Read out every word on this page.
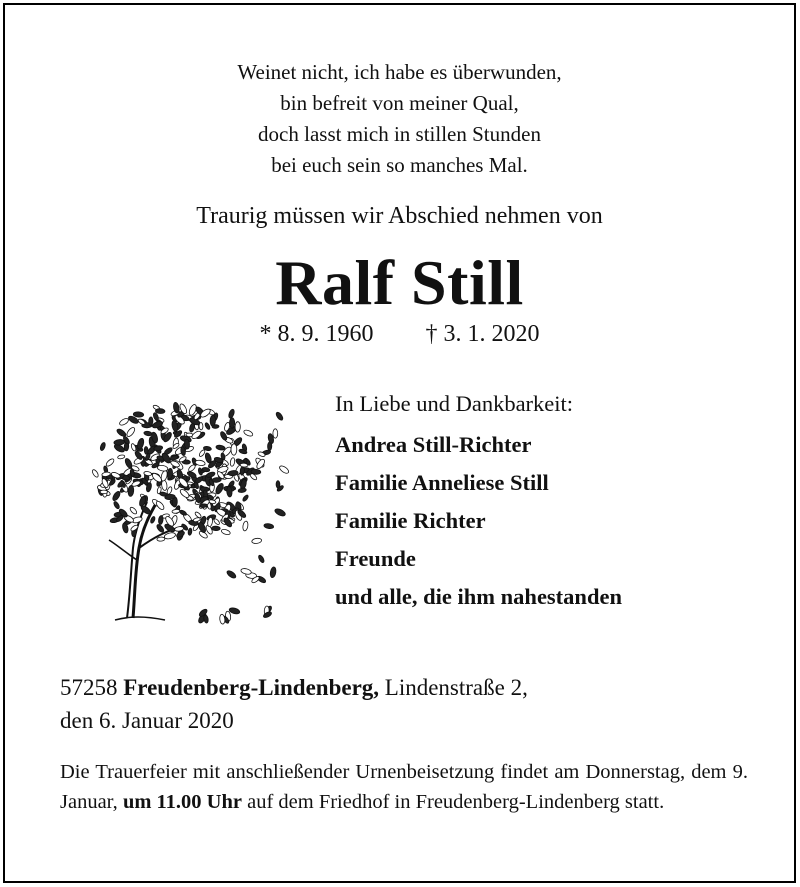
Weinet nicht, ich habe es überwunden,
bin befreit von meiner Qual,
doch lasst mich in stillen Stunden
bei euch sein so manches Mal.
Traurig müssen wir Abschied nehmen von
Ralf Still
* 8. 9. 1960 † 3. 1. 2020
In Liebe und Dankbarkeit:
Andrea Still-Richter
Familie Anneliese Still
Familie Richter
Freunde
und alle, die ihm nahestanden
57258 Freudenberg-Lindenberg, Lindenstraße 2,
den 6. Januar 2020
Die Trauerfeier mit anschließender Urnenbeisetzung findet am Donnerstag, dem 9. Januar, um 11.00 Uhr auf dem Friedhof in Freudenberg-Lindenberg statt.
